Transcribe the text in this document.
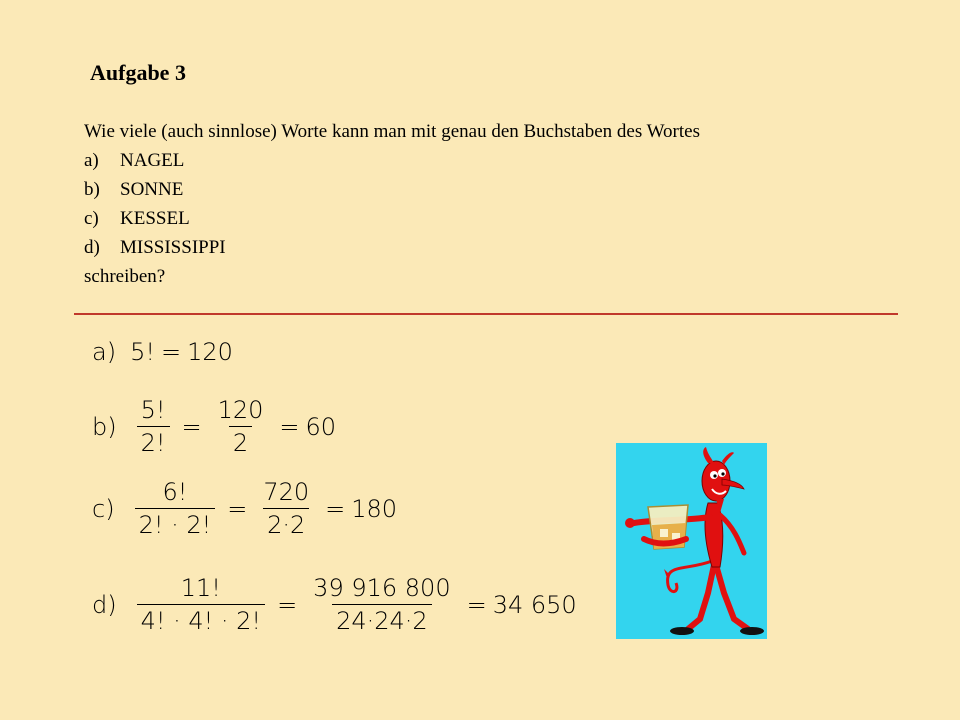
Aufgabe 3
Wie viele (auch sinnlose) Worte kann man mit genau den Buchstaben des Wortes
a)	NAGEL
b)	SONNE
c)	KESSEL
d)	MISSISSIPPI
schreiben?
a) 5! = 120
$b) \frac{5!}{2!} = \frac{120}{2} = 60$
$c) \frac{6!}{2! \cdot 2!} = \frac{720}{2\cdot 2} = 180$
$d) \frac{11!}{4! \cdot 4! \cdot 2!} = \frac{39 916 800}{24\cdot 24\cdot 2} = 34$ 650
